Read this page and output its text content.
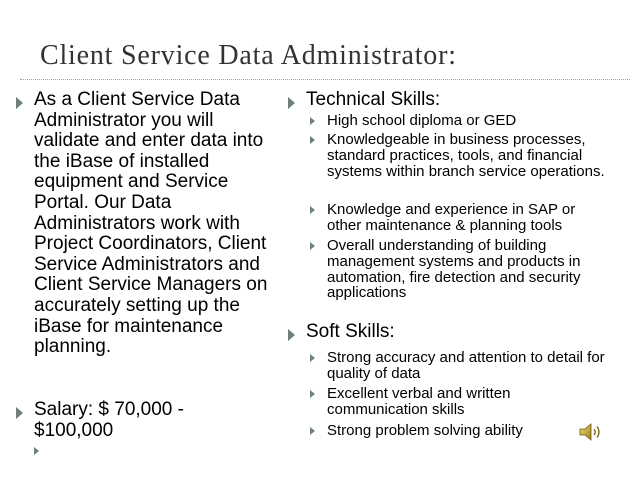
Client Service Data Administrator:
As a Client Service Data Administrator you will validate and enter data into the iBase of installed equipment and Service Portal. Our Data Administrators work with Project Coordinators, Client Service Administrators and Client Service Managers on accurately setting up the iBase for maintenance planning.
Salary: $ 70,000 - $100,000
Technical Skills:
High school diploma or GED
Knowledgeable in business processes, standard practices, tools, and financial systems within branch service operations.
Knowledge and experience in SAP or other maintenance & planning tools
Overall understanding of building management systems and products in automation, fire detection and security applications
Soft Skills:
Strong accuracy and attention to detail for quality of data
Excellent verbal and written communication skills
Strong problem solving ability
